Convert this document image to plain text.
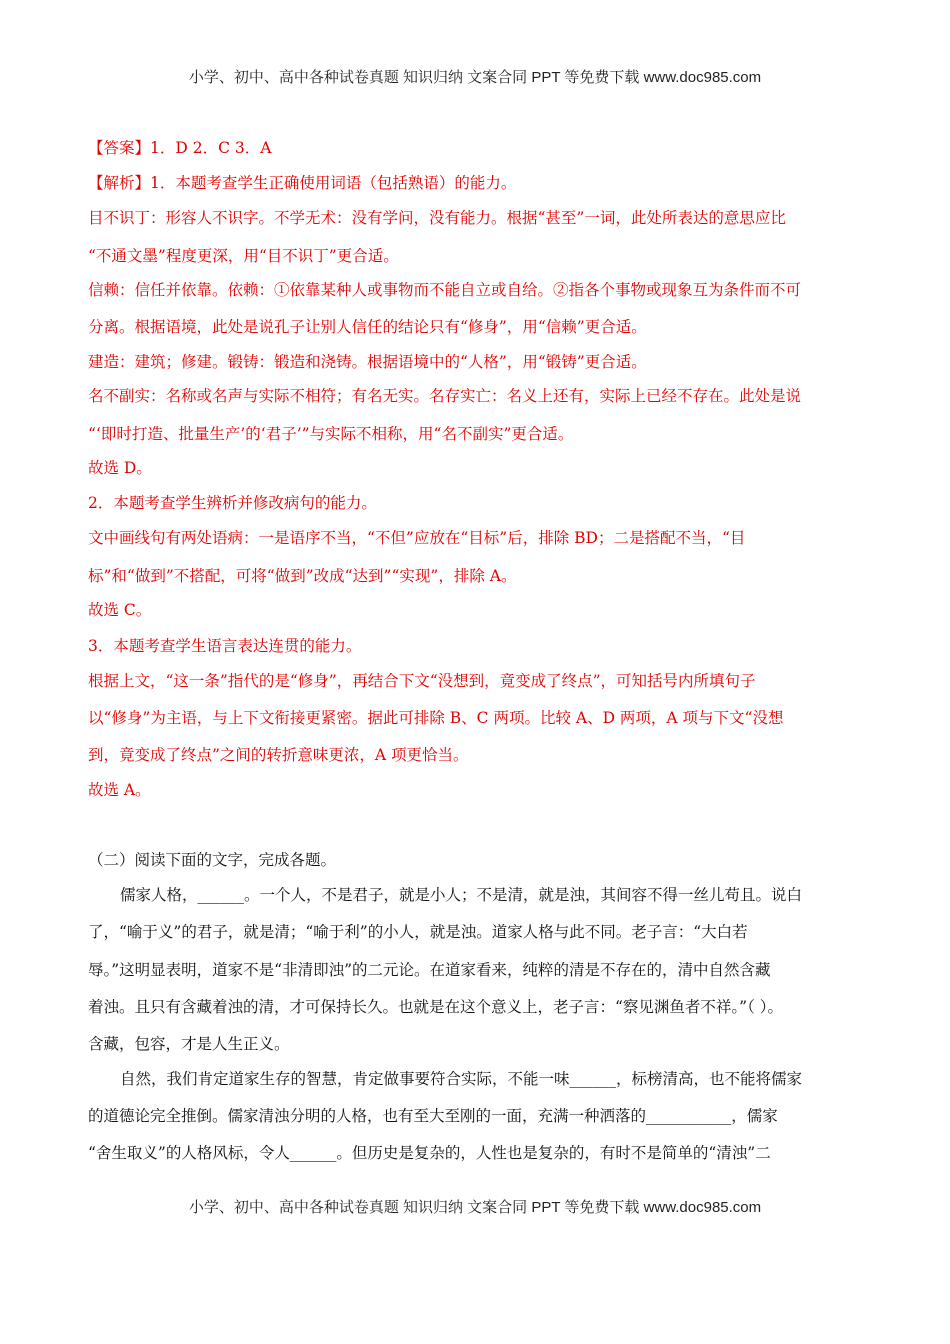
小学、初中、高中各种试卷真题 知识归纳 文案合同 PPT 等免费下载 www.doc985.com
【答案】1．D 2．C 3．A
【解析】1．本题考查学生正确使用词语（包括熟语）的能力。
目不识丁：形容人不识字。不学无术：没有学问，没有能力。根据“甚至”一词，此处所表达的意思应比
“不通文墨”程度更深，用“目不识丁”更合适。
信赖：信任并依靠。依赖：①依靠某种人或事物而不能自立或自给。②指各个事物或现象互为条件而不可
分离。根据语境，此处是说孔子让别人信任的结论只有“修身”，用“信赖”更合适。
建造：建筑；修建。锻铸：锻造和浇铸。根据语境中的“人格”，用“锻铸”更合适。
名不副实：名称或名声与实际不相符；有名无实。名存实亡：名义上还有，实际上已经不存在。此处是说
“‘即时打造、批量生产’的‘君子’”与实际不相称，用“名不副实”更合适。
故选 D。
2．本题考查学生辨析并修改病句的能力。
文中画线句有两处语病：一是语序不当，“不但”应放在“目标”后，排除 BD；二是搭配不当，“目
标”和“做到”不搭配，可将“做到”改成“达到”“实现”，排除 A。
故选 C。
3．本题考查学生语言表达连贯的能力。
根据上文，“这一条”指代的是“修身”，再结合下文“没想到，竟变成了终点”，可知括号内所填句子
以“修身”为主语，与上下文衔接更紧密。据此可排除 B、C 两项。比较 A、D 两项，A 项与下文“没想
到，竟变成了终点”之间的转折意味更浓，A 项更恰当。
故选 A。
（二）阅读下面的文字，完成各题。
儒家人格，______。一个人，不是君子，就是小人；不是清，就是浊，其间容不得一丝儿苟且。说白
了，“喻于义”的君子，就是清；“喻于利”的小人，就是浊。道家人格与此不同。老子言：“大白若
辱。”这明显表明，道家不是“非清即浊”的二元论。在道家看来，纯粹的清是不存在的，清中自然含藏
着浊。且只有含藏着浊的清，才可保持长久。也就是在这个意义上，老子言：“察见渊鱼者不祥。”（ ）。
含藏，包容，才是人生正义。
自然，我们肯定道家生存的智慧，肯定做事要符合实际，不能一味______，标榜清高，也不能将儒家
的道德论完全推倒。儒家清浊分明的人格，也有至大至刚的一面，充满一种洒落的___________，儒家
“舍生取义”的人格风标，令人______。但历史是复杂的，人性也是复杂的，有时不是简单的“清浊”二
小学、初中、高中各种试卷真题 知识归纳 文案合同 PPT 等免费下载 www.doc985.com
